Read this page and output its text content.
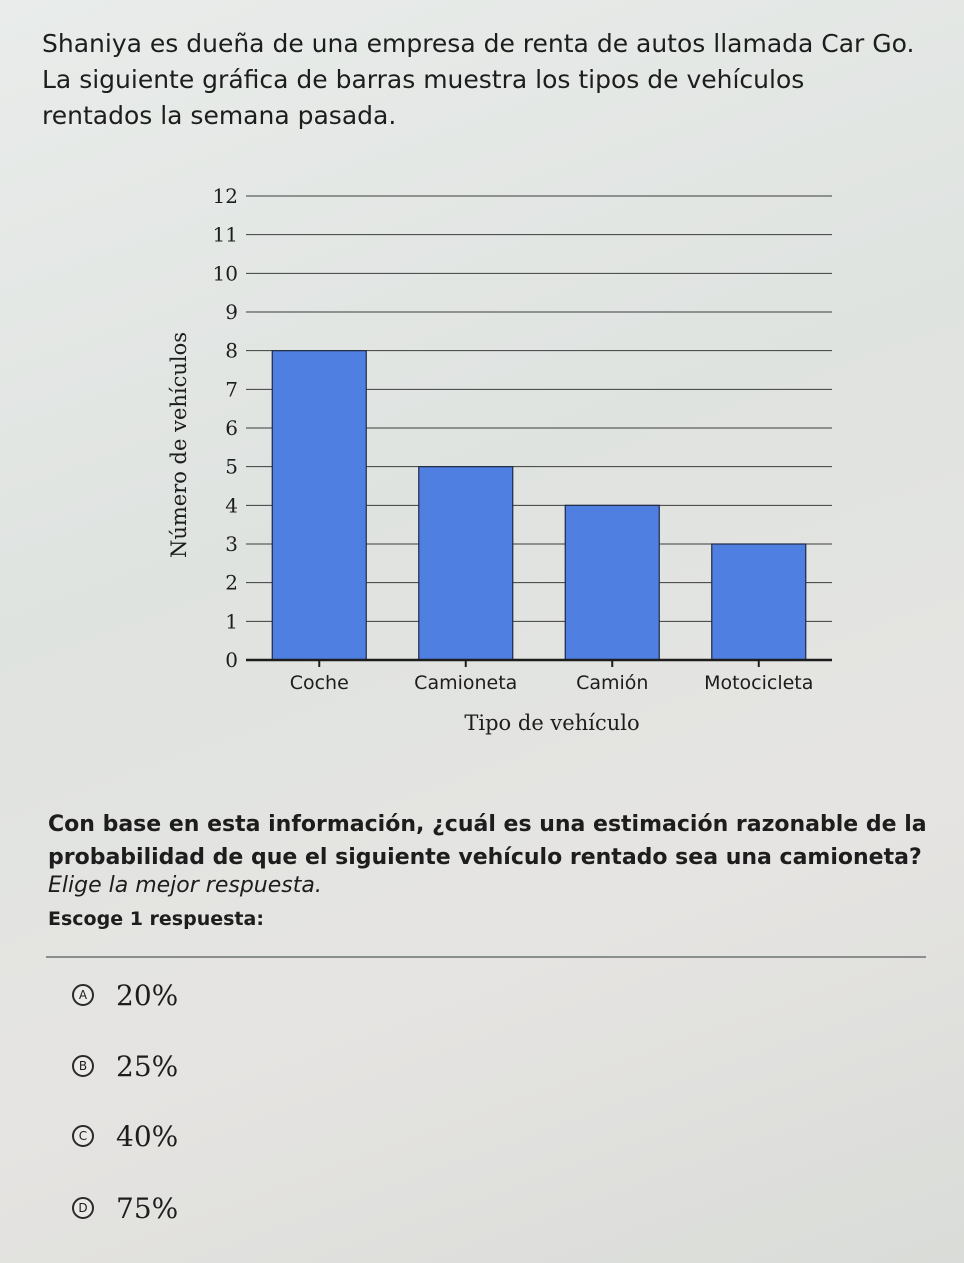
Shaniya es dueña de una empresa de renta de autos llamada Car Go. La siguiente gráfica de barras muestra los tipos de vehículos rentados la semana pasada.

0
1
2
3
4
5
6
7
8
9
10
11
12
Coche	Camioneta	Camión	Motocicleta
Número de vehículos
Tipo de vehículo

Con base en esta información, ¿cuál es una estimación razonable de la probabilidad de que el siguiente vehículo rentado sea una camioneta?

Elige la mejor respuesta.

Escoge 1 respuesta:

A 20%
B 25%
C 40%
D 75%
